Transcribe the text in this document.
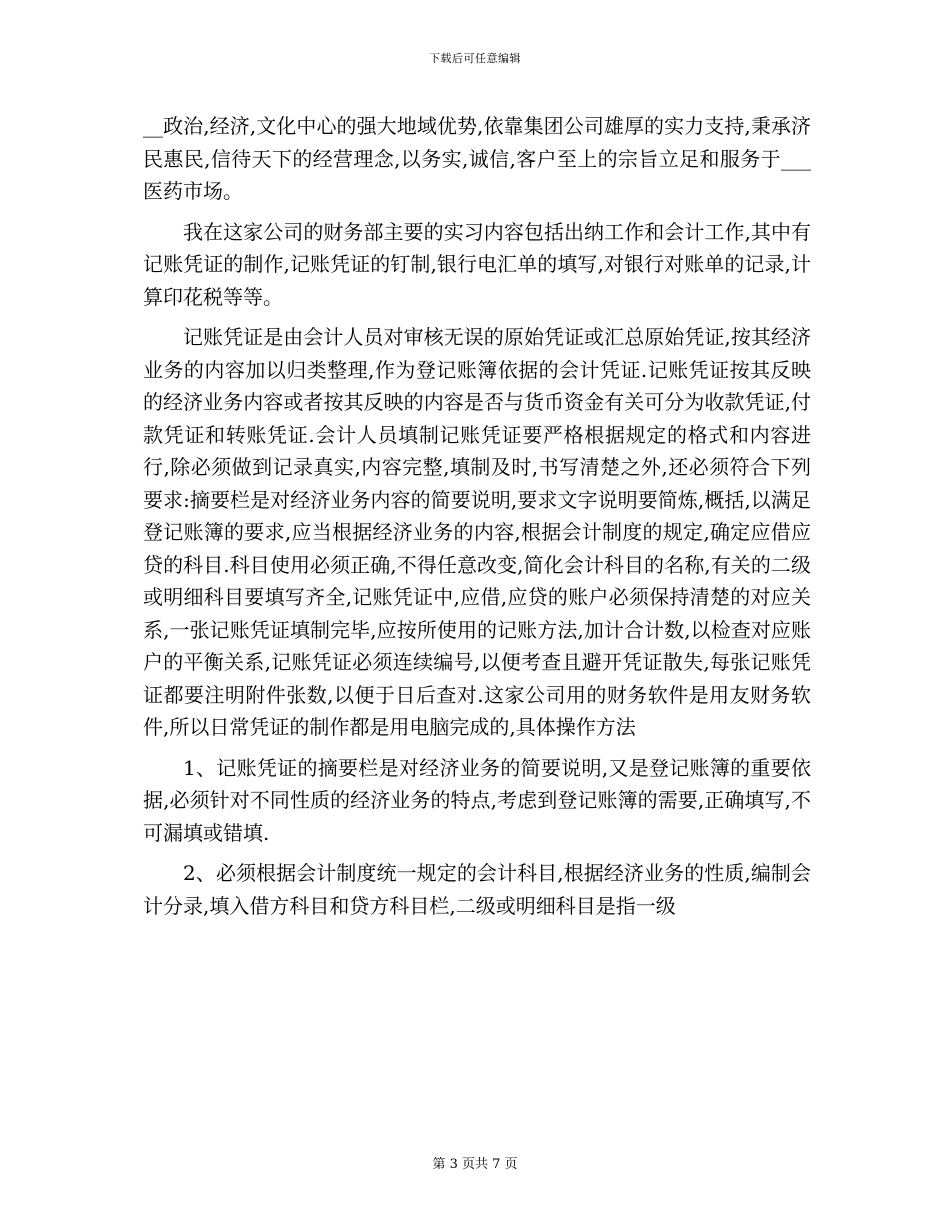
下载后可任意编辑

__政治,经济,文化中心的强大地域优势,依靠集团公司雄厚的实力支持,秉承济民惠民,信待天下的经营理念,以务实,诚信,客户至上的宗旨立足和服务于___医药市场。

我在这家公司的财务部主要的实习内容包括出纳工作和会计工作,其中有记账凭证的制作,记账凭证的钉制,银行电汇单的填写,对银行对账单的记录,计算印花税等等。

记账凭证是由会计人员对审核无误的原始凭证或汇总原始凭证,按其经济业务的内容加以归类整理,作为登记账簿依据的会计凭证.记账凭证按其反映的经济业务内容或者按其反映的内容是否与货币资金有关可分为收款凭证,付款凭证和转账凭证.会计人员填制记账凭证要严格根据规定的格式和内容进行,除必须做到记录真实,内容完整,填制及时,书写清楚之外,还必须符合下列要求:摘要栏是对经济业务内容的简要说明,要求文字说明要简炼,概括,以满足登记账簿的要求,应当根据经济业务的内容,根据会计制度的规定,确定应借应贷的科目.科目使用必须正确,不得任意改变,简化会计科目的名称,有关的二级或明细科目要填写齐全,记账凭证中,应借,应贷的账户必须保持清楚的对应关系,一张记账凭证填制完毕,应按所使用的记账方法,加计合计数,以检查对应账户的平衡关系,记账凭证必须连续编号,以便考查且避开凭证散失,每张记账凭证都要注明附件张数,以便于日后查对.这家公司用的财务软件是用友财务软件,所以日常凭证的制作都是用电脑完成的,具体操作方法

1、记账凭证的摘要栏是对经济业务的简要说明,又是登记账簿的重要依据,必须针对不同性质的经济业务的特点,考虑到登记账簿的需要,正确填写,不可漏填或错填.

2、必须根据会计制度统一规定的会计科目,根据经济业务的性质,编制会计分录,填入借方科目和贷方科目栏,二级或明细科目是指一级

第 3 页共 7 页
